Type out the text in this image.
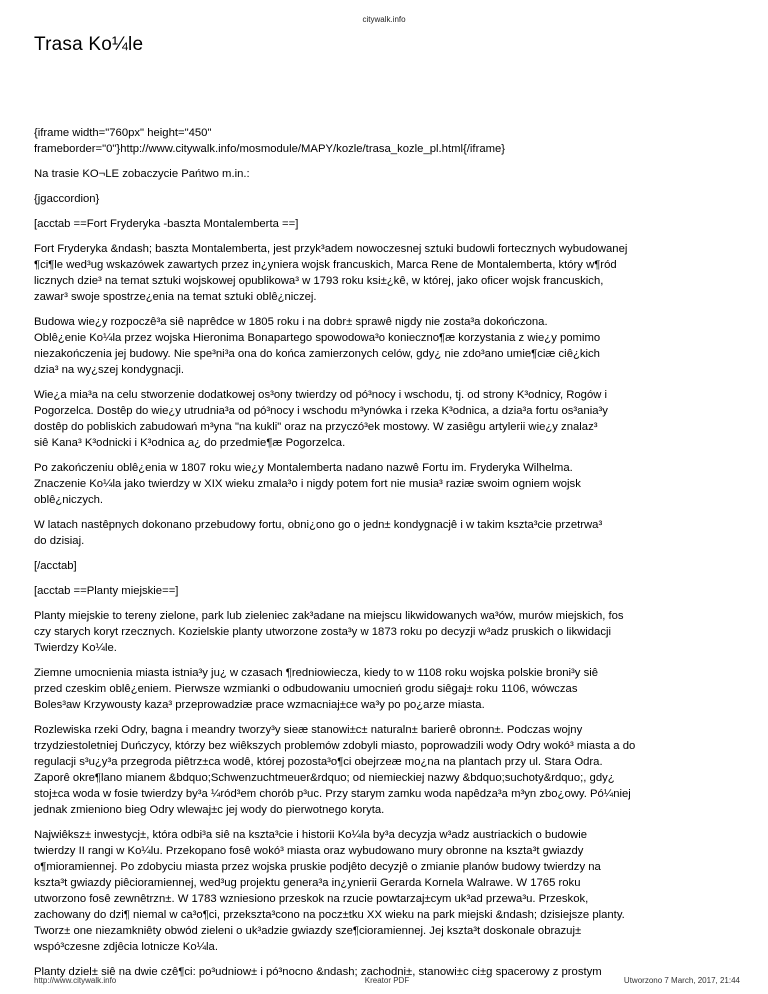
citywalk.info
Trasa Ko¼le

{iframe width="760px" height="450"
frameborder="0"}http://www.citywalk.info/mosmodule/MAPY/kozle/trasa_kozle_pl.html{/iframe}

Na trasie KO¬LE zobaczycie Pańtwo m.in.:

{jgaccordion}

[acctab ==Fort Fryderyka -baszta Montalemberta ==]

Fort Fryderyka &ndash; baszta Montalemberta, jest przyk³adem nowoczesnej sztuki budowli fortecznych wybudowanej
¶ci¶le wed³ug wskazówek zawartych przez in¿yniera wojsk francuskich, Marca Rene de Montalemberta, który w¶ród
licznych dzie³ na temat sztuki wojskowej opublikowa³ w 1793 roku ksi±¿kê, w której, jako oficer wojsk francuskich,
zawar³ swoje spostrze¿enia na temat sztuki oblê¿niczej.

Budowa wie¿y rozpoczê³a siê naprêdce w 1805 roku i na dobr± sprawê nigdy nie zosta³a dokończona.
Oblê¿enie Ko¼la przez wojska Hieronima Bonapartego spowodowa³o konieczno¶æ korzystania z wie¿y pomimo
niezakończenia jej budowy. Nie spe³ni³a ona do końca zamierzonych celów, gdy¿ nie zdo³ano umie¶ciæ ciê¿kich
dzia³ na wy¿szej kondygnacji.

Wie¿a mia³a na celu stworzenie dodatkowej os³ony twierdzy od pó³nocy i wschodu, tj. od strony K³odnicy, Rogów i
Pogorzelca. Dostêp do wie¿y utrudnia³a od pó³nocy i wschodu m³ynówka i rzeka K³odnica, a dzia³a fortu os³ania³y
dostêp do pobliskich zabudowań m³yna "na kukli" oraz na przyczó³ek mostowy. W zasiêgu artylerii wie¿y znalaz³
siê Kana³ K³odnicki i K³odnica a¿ do przedmie¶æ Pogorzelca.

Po zakończeniu oblê¿enia w 1807 roku wie¿y Montalemberta nadano nazwê Fortu im. Fryderyka Wilhelma.
Znaczenie Ko¼la jako twierdzy w XIX wieku zmala³o i nigdy potem fort nie musia³ raziæ swoim ogniem wojsk
oblê¿niczych.

W latach nastêpnych dokonano przebudowy fortu, obni¿ono go o jedn± kondygnacjê i w takim kszta³cie przetrwa³
do dzisiaj.

[/acctab]

[acctab ==Planty miejskie==]

Planty miejskie to tereny zielone, park lub zieleniec zak³adane na miejscu likwidowanych wa³ów, murów miejskich, fos
czy starych koryt rzecznych. Kozielskie planty utworzone zosta³y w 1873 roku po decyzji w³adz pruskich o likwidacji
Twierdzy Ko¼le.

Ziemne umocnienia miasta istnia³y ju¿ w czasach ¶redniowiecza, kiedy to w 1108 roku wojska polskie broni³y siê
przed czeskim oblê¿eniem. Pierwsze wzmianki o odbudowaniu umocnień grodu siêgaj± roku 1106, wówczas
Boles³aw Krzywousty kaza³ przeprowadziæ prace wzmacniaj±ce wa³y po po¿arze miasta.

Rozlewiska rzeki Odry, bagna i meandry tworzy³y sieæ stanowi±c± naturaln± barierê obronn±. Podczas wojny
trzydziestoletniej Duńczycy, którzy bez wiêkszych problemów zdobyli miasto, poprowadzili wody Odry wokó³ miasta a do
regulacji s³u¿y³a przegroda piêtrz±ca wodê, której pozosta³o¶ci obejrzeæ mo¿na na plantach przy ul. Stara Odra.
Zaporê okre¶lano mianem &bdquo;Schwenzuchtmeuer&rdquo; od niemieckiej nazwy &bdquo;suchoty&rdquo;, gdy¿
stoj±ca woda w fosie twierdzy by³a ¼ród³em chorób p³uc. Przy starym zamku woda napêdza³a m³yn zbo¿owy. Pó¼niej
jednak zmieniono bieg Odry wlewaj±c jej wody do pierwotnego koryta.

Najwiêksz± inwestycj±, która odbi³a siê na kszta³cie i historii Ko¼la by³a decyzja w³adz austriackich o budowie
twierdzy II rangi w Ko¼lu. Przekopano fosê wokó³ miasta oraz wybudowano mury obronne na kszta³t gwiazdy
o¶mioramiennej. Po zdobyciu miasta przez wojska pruskie podjêto decyzjê o zmianie planów budowy twierdzy na
kszta³t gwiazdy piêcioramiennej, wed³ug projektu genera³a in¿ynierii Gerarda Kornela Walrawe. W 1765 roku
utworzono fosê zewnêtrzn±. W 1783 wzniesiono przeskok na rzucie powtarzaj±cym uk³ad przewa³u. Przeskok,
zachowany do dzi¶ niemal w ca³o¶ci, przekszta³cono na pocz±tku XX wieku na park miejski &ndash; dzisiejsze planty.
Tworz± one niezamkniêty obwód zieleni o uk³adzie gwiazdy sze¶cioramiennej. Jej kszta³t doskonale obrazuj±
wspó³czesne zdjêcia lotnicze Ko¼la.

Planty dziel± siê na dwie czê¶ci: po³udniow± i pó³nocno &ndash; zachodni±, stanowi±c ci±g spacerowy z prostym

http://www.citywalk.info	Kreator PDF	Utworzono 7 March, 2017, 21:44
